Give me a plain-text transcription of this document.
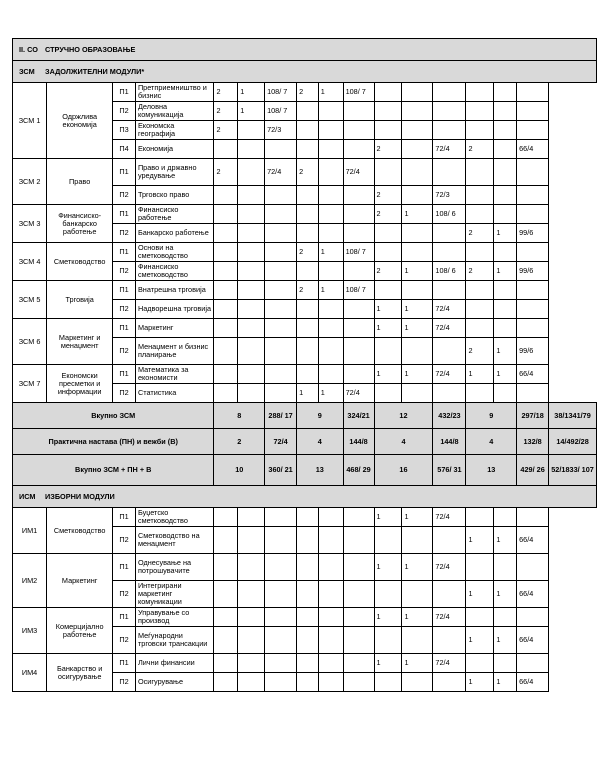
II. СО СТРУЧНО ОБРАЗОВАЊЕ																
ЗСМ ЗАДОЛЖИТЕЛНИ МОДУЛИ*																
ЗСМ 1	Одржлива економија	П1	Претприемништво и бизнис	2	1	108/ 7	2	1	108/ 7							
		П2	Деловна комуникација	2	1	108/ 7										
		П3	Економска географија	2		72/3										
		П4	Економија							2		72/4	2		66/4	
ЗСМ 2	Право	П1	Право и државно уредување	2		72/4	2		72/4							
		П2	Трговско право							2		72/3				
ЗСМ 3	Финансиско-банкарско работење	П1	Финансиско работење							2	1	108/ 6				
		П2	Банкарско работење										2	1	99/6	
ЗСМ 4	Сметководство	П1	Основи на сметководство				2	1	108/ 7							
		П2	Финансиско сметководство							2	1	108/ 6	2	1	99/6	
ЗСМ 5	Трговија	П1	Внатрешна трговија				2	1	108/ 7							
		П2	Надворешна трговија							1	1	72/4				
ЗСМ 6	Маркетинг и менаџмент	П1	Маркетинг							1	1	72/4				
		П2	Менаџмент и бизнис планирање										2	1	99/6	
ЗСМ 7	Економски пресметки и информации	П1	Математика за економисти							1	1	72/4	1	1	66/4	
		П2	Статистика				1	1	72/4							
Вкупно ЗСМ				8		288/ 17	9		324/21	12		432/23	9		297/18	38/1341/79
Практична настава (ПН) и вежби (В)				2		72/4	4		144/8	4		144/8	4		132/8	14/492/28
Вкупно ЗСМ + ПН + В				10		360/ 21	13		468/ 29	16		576/ 31	13		429/ 26	52/1833/ 107
ИСМ ИЗБОРНИ МОДУЛИ																
ИМ1	Сметководство	П1	Буџетско сметководство							1	1	72/4				
		П2	Сметководство на менаџмент										1	1	66/4	
ИМ2	Маркетинг	П1	Однесување на потрошувачите							1	1	72/4				
		П2	Интегрирани маркетинг комуникации										1	1	66/4	
ИМ3	Комерцијално работење	П1	Управување со производ							1	1	72/4				
		П2	Меѓународни трговски трансакции										1	1	66/4	
ИМ4	Банкарство и осигурување	П1	Лични финансии							1	1	72/4				
		П2	Осигурување										1	1	66/4	
